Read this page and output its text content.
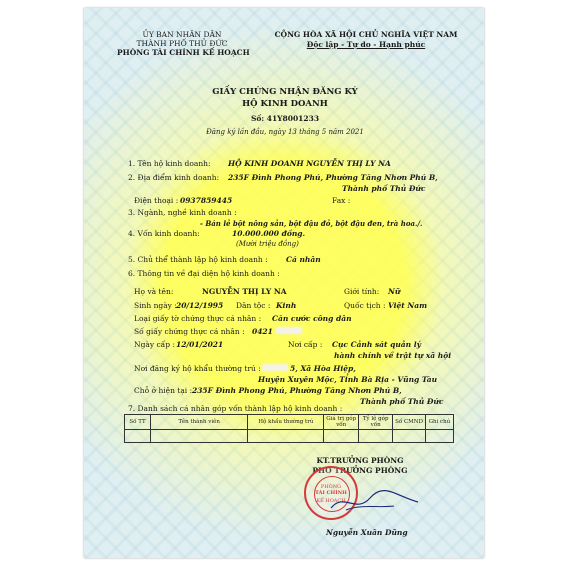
ỦY BAN NHÂN DÂN
THÀNH PHỐ THỦ ĐỨC
PHÒNG TÀI CHÍNH KẾ HOẠCH
CỘNG HÒA XÃ HỘI CHỦ NGHĨA VIỆT NAM
Độc lập - Tự do - Hạnh phúc
GIẤY CHỨNG NHẬN ĐĂNG KÝ
HỘ KINH DOANH
Số: 41Y8001233
Đăng ký lần đầu, ngày 13 tháng 5 năm 2021
1. Tên hộ kinh doanh: HỘ KINH DOANH NGUYỄN THỊ LY NA
2. Địa điểm kinh doanh: 235F Đình Phong Phú, Phường Tăng Nhơn Phú B,
Thành phố Thủ Đức
Điện thoại : 0937859445	Fax :
3. Ngành, nghề kinh doanh :
- Bán lẻ bột nông sản, bột đậu đỏ, bột đậu đen, trà hoa./.
4. Vốn kinh doanh:	10.000.000 đồng.
(Mười triệu đồng)
5. Chủ thể thành lập hộ kinh doanh : Cá nhân
6. Thông tin về đại diện hộ kinh doanh :
Họ và tên:	NGUYỄN THỊ LY NA	Giới tính: Nữ
Sinh ngày : 20/12/1995 Dân tộc : Kinh	Quốc tịch : Việt Nam
Loại giấy tờ chứng thực cá nhân : Căn cước công dân
Số giấy chứng thực cá nhân : 0421
Ngày cấp : 12/01/2021	Nơi cấp : Cục Cảnh sát quản lý
hành chính về trật tự xã hội
Nơi đăng ký hộ khẩu thường trú :	5, Xã Hòa Hiệp,
Huyện Xuyên Mộc, Tỉnh Bà Rịa - Vũng Tàu
Chỗ ở hiện tại : 235F Đình Phong Phú, Phường Tăng Nhơn Phú B,
Thành phố Thủ Đức
7. Danh sách cá nhân góp vốn thành lập hộ kinh doanh :
Số TT	Tên thành viên	Hộ khẩu thường trú	Giá trị góp vốn	Tỷ lệ góp vốn	Số CMND	Ghi chú

KT.TRƯỞNG PHÒNG
PHÓ TRƯỞNG PHÒNG
PHÒNG
TÀI CHÍNH
KẾ HOẠCH
Nguyễn Xuân Dũng
